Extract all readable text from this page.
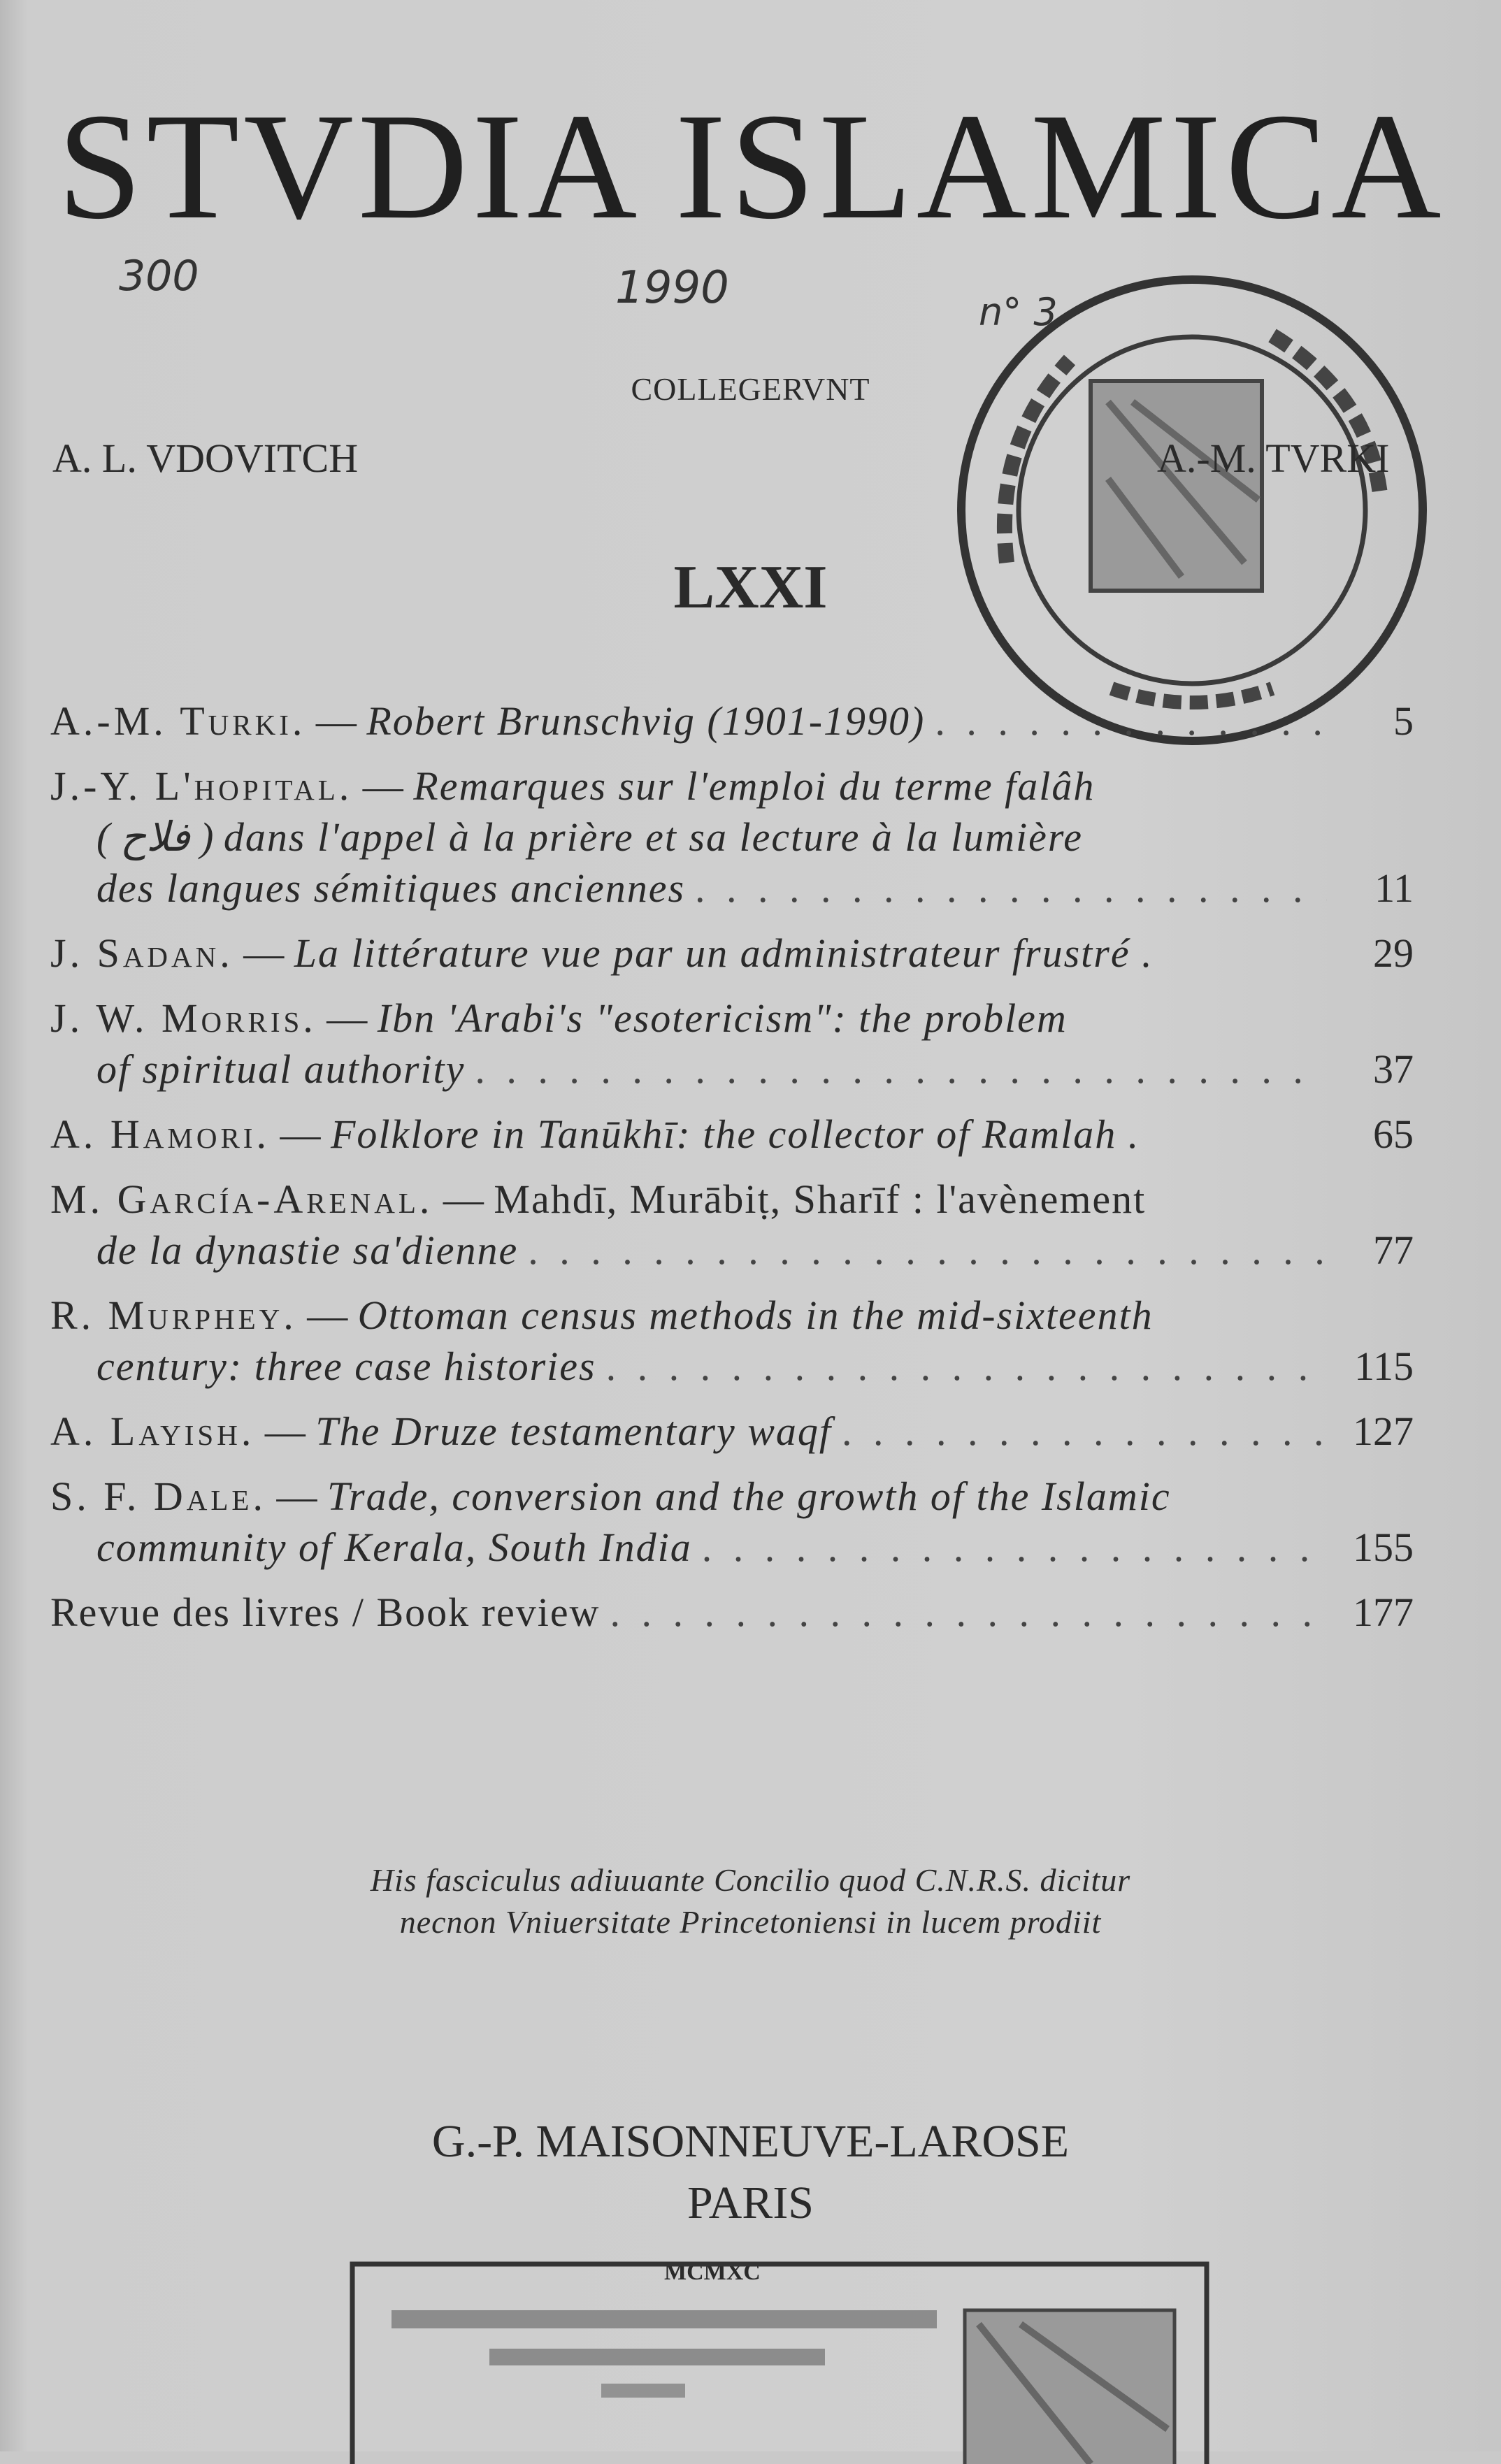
STVDIA ISLAMICA
300	1990	n° 3
COLLEGERVNT
A. L. VDOVITCH	A.-M. TVRKI
LXXI
A.-M. Turki. — Robert Brunschvig (1901-1990) . . .	5
J.-Y. L'hopital. — Remarques sur l'emploi du terme falâh
( فلاح ) dans l'appel à la prière et sa lecture à la lumière
des langues sémitiques anciennes . . .	11
J. Sadan. — La littérature vue par un administrateur frustré .	29
J. W. Morris. — Ibn 'Arabi's "esotericism": the problem
of spiritual authority . . .	37
A. Hamori. — Folklore in Tanūkhī: the collector of Ramlah .	65
M. García-Arenal. — Mahdī, Murābiṭ, Sharīf : l'avènement
de la dynastie sa'dienne . . .	77
R. Murphey. — Ottoman census methods in the mid-sixteenth
century: three case histories . . .	115
A. Layish. — The Druze testamentary waqf . . .	127
S. F. Dale. — Trade, conversion and the growth of the Islamic
community of Kerala, South India . . .	155
Revue des livres / Book review . . .	177
His fasciculus adiuuante Concilio quod C.N.R.S. dicitur
necnon Vniuersitate Princetoniensi in lucem prodiit
G.-P. MAISONNEUVE-LAROSE
PARIS
MCMXC
